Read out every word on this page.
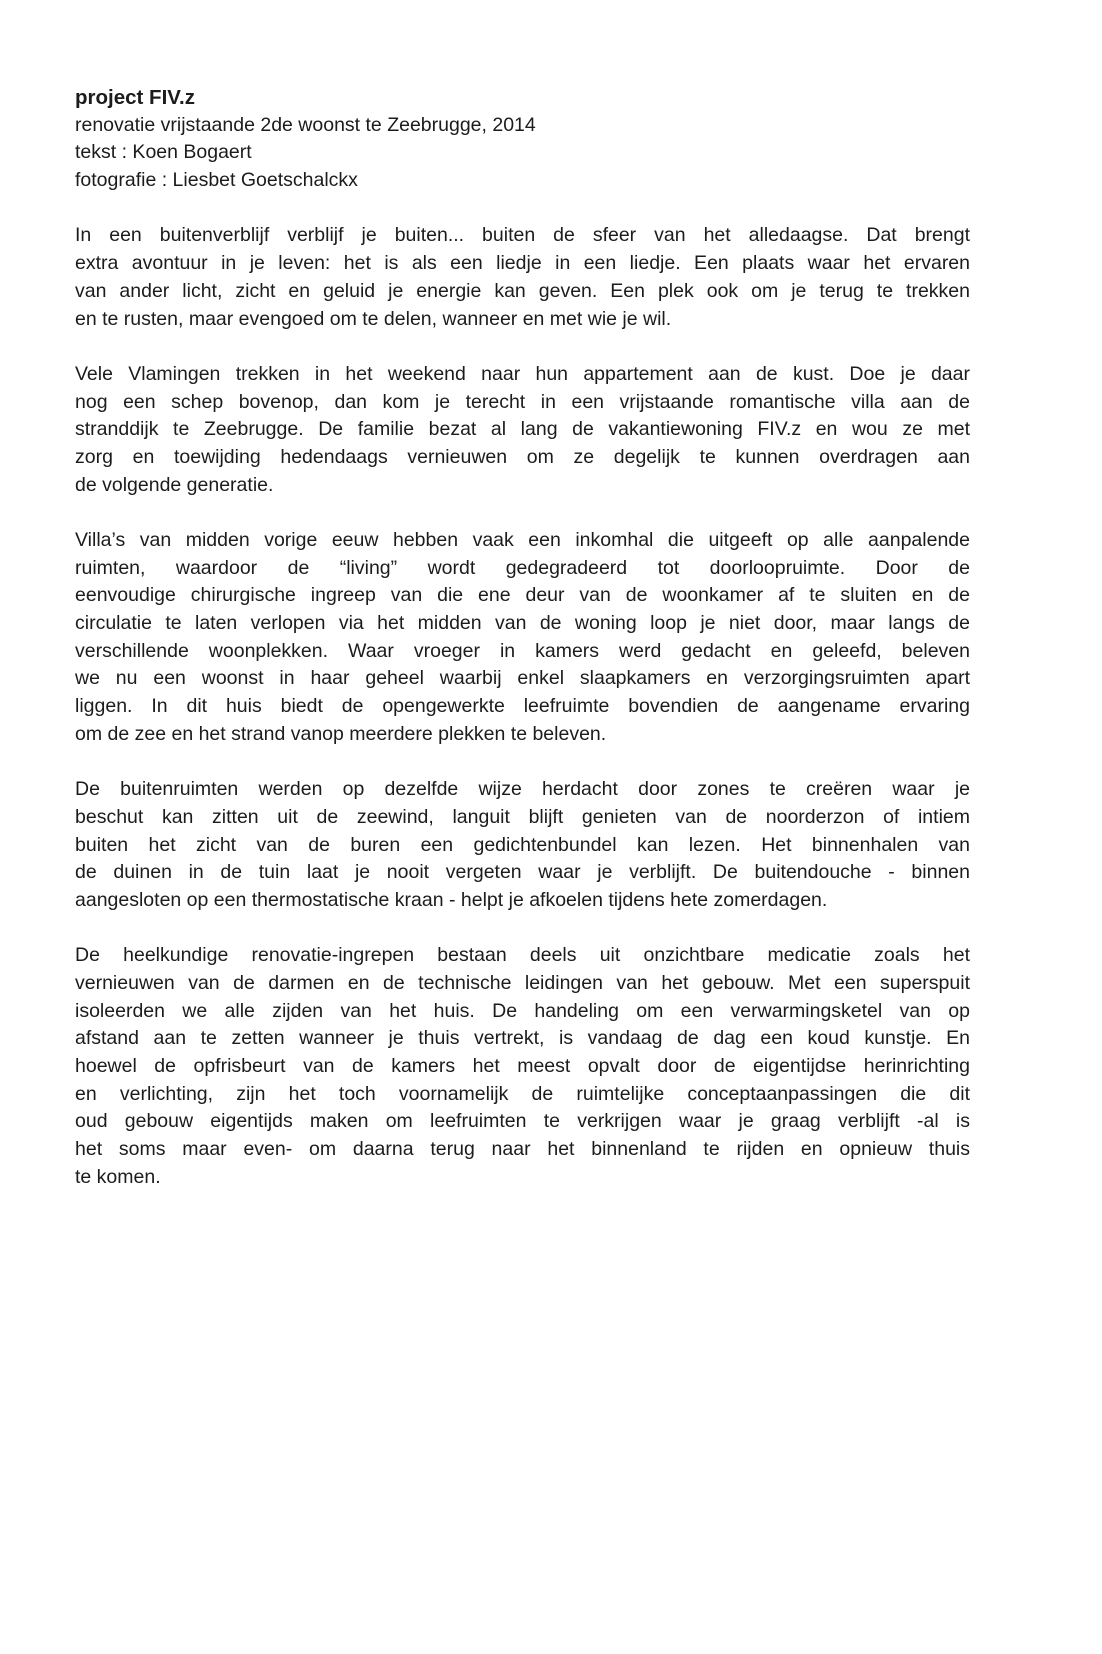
project FIV.z
renovatie vrijstaande 2de woonst te Zeebrugge, 2014
tekst : Koen Bogaert
fotografie : Liesbet Goetschalckx
In een buitenverblijf verblijf je buiten... buiten de sfeer van het alledaagse. Dat brengt
extra avontuur in je leven: het is als een liedje in een liedje. Een plaats waar het ervaren
van ander licht, zicht en geluid je energie kan geven. Een plek ook om je terug te trekken
en te rusten, maar evengoed om te delen, wanneer en met wie je wil.
Vele Vlamingen trekken in het weekend naar hun appartement aan de kust. Doe je daar
nog een schep bovenop, dan kom je terecht in een vrijstaande romantische villa aan de
stranddijk te Zeebrugge. De familie bezat al lang de vakantiewoning FIV.z en wou ze met
zorg en toewijding hedendaags vernieuwen om ze degelijk te kunnen overdragen aan
de volgende generatie.
Villa’s van midden vorige eeuw hebben vaak een inkomhal die uitgeeft op alle aanpalende
ruimten, waardoor de “living” wordt gedegradeerd tot doorloopruimte. Door de
eenvoudige chirurgische ingreep van die ene deur van de woonkamer af te sluiten en de
circulatie te laten verlopen via het midden van de woning loop je niet door, maar langs de
verschillende woonplekken. Waar vroeger in kamers werd gedacht en geleefd, beleven
we nu een woonst in haar geheel waarbij enkel slaapkamers en verzorgingsruimten apart
liggen. In dit huis biedt de opengewerkte leefruimte bovendien de aangename ervaring
om de zee en het strand vanop meerdere plekken te beleven.
De buitenruimten werden op dezelfde wijze herdacht door zones te creëren waar je
beschut kan zitten uit de zeewind, languit blijft genieten van de noorderzon of intiem
buiten het zicht van de buren een gedichtenbundel kan lezen. Het binnenhalen van
de duinen in de tuin laat je nooit vergeten waar je verblijft. De buitendouche - binnen
aangesloten op een thermostatische kraan - helpt je afkoelen tijdens hete zomerdagen.
De heelkundige renovatie-ingrepen bestaan deels uit onzichtbare medicatie zoals het
vernieuwen van de darmen en de technische leidingen van het gebouw. Met een superspuit
isoleerden we alle zijden van het huis. De handeling om een verwarmingsketel van op
afstand aan te zetten wanneer je thuis vertrekt, is vandaag de dag een koud kunstje. En
hoewel de opfrisbeurt van de kamers het meest opvalt door de eigentijdse herinrichting
en verlichting, zijn het toch voornamelijk de ruimtelijke conceptaanpassingen die dit
oud gebouw eigentijds maken om leefruimten te verkrijgen waar je graag verblijft -al is
het soms maar even- om daarna terug naar het binnenland te rijden en opnieuw thuis
te komen.
